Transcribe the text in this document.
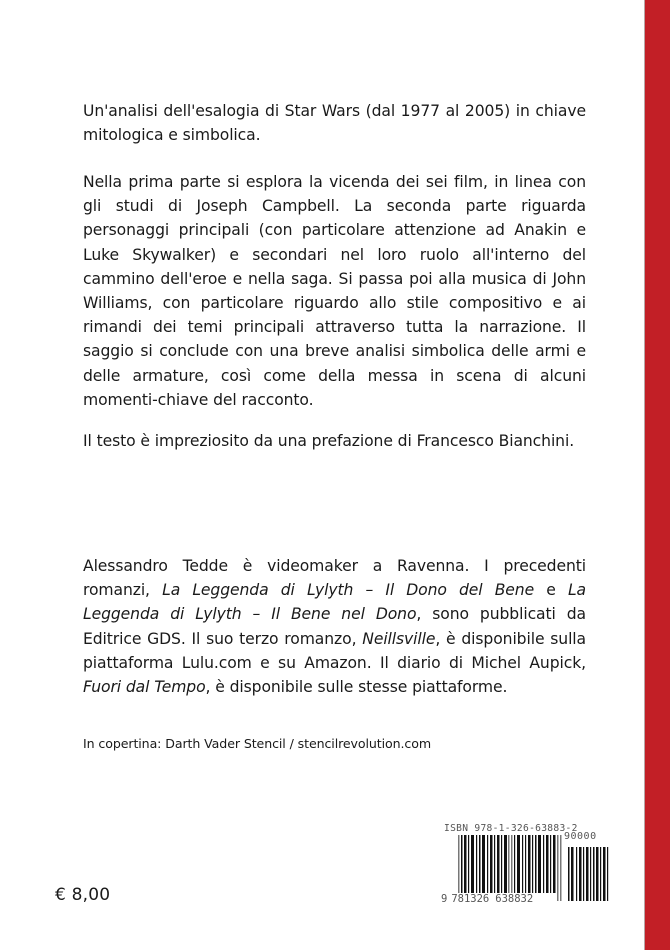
Un'analisi dell'esalogia di Star Wars (dal 1977 al 2005) in chiave mitologica e simbolica.

Nella prima parte si esplora la vicenda dei sei film, in linea con gli studi di Joseph Campbell. La seconda parte riguarda personaggi principali (con particolare attenzione ad Anakin e Luke Skywalker) e secondari nel loro ruolo all'interno del cammino dell'eroe e nella saga. Si passa poi alla musica di John Williams, con particolare riguardo allo stile compositivo e ai rimandi dei temi principali attraverso tutta la narrazione. Il saggio si conclude con una breve analisi simbolica delle armi e delle armature, così come della messa in scena di alcuni momenti-chiave del racconto.

Il testo è impreziosito da una prefazione di Francesco Bianchini.

Alessandro Tedde è videomaker a Ravenna. I precedenti romanzi, La Leggenda di Lylyth – Il Dono del Bene e La Leggenda di Lylyth – Il Bene nel Dono, sono pubblicati da Editrice GDS. Il suo terzo romanzo, Neillsville, è disponibile sulla piattaforma Lulu.com e su Amazon. Il diario di Michel Aupick, Fuori dal Tempo, è disponibile sulle stesse piattaforme.

In copertina: Darth Vader Stencil / stencilrevolution.com

ISBN 978-1-326-63883-2
90000
9 781326 638832
€ 8,00
